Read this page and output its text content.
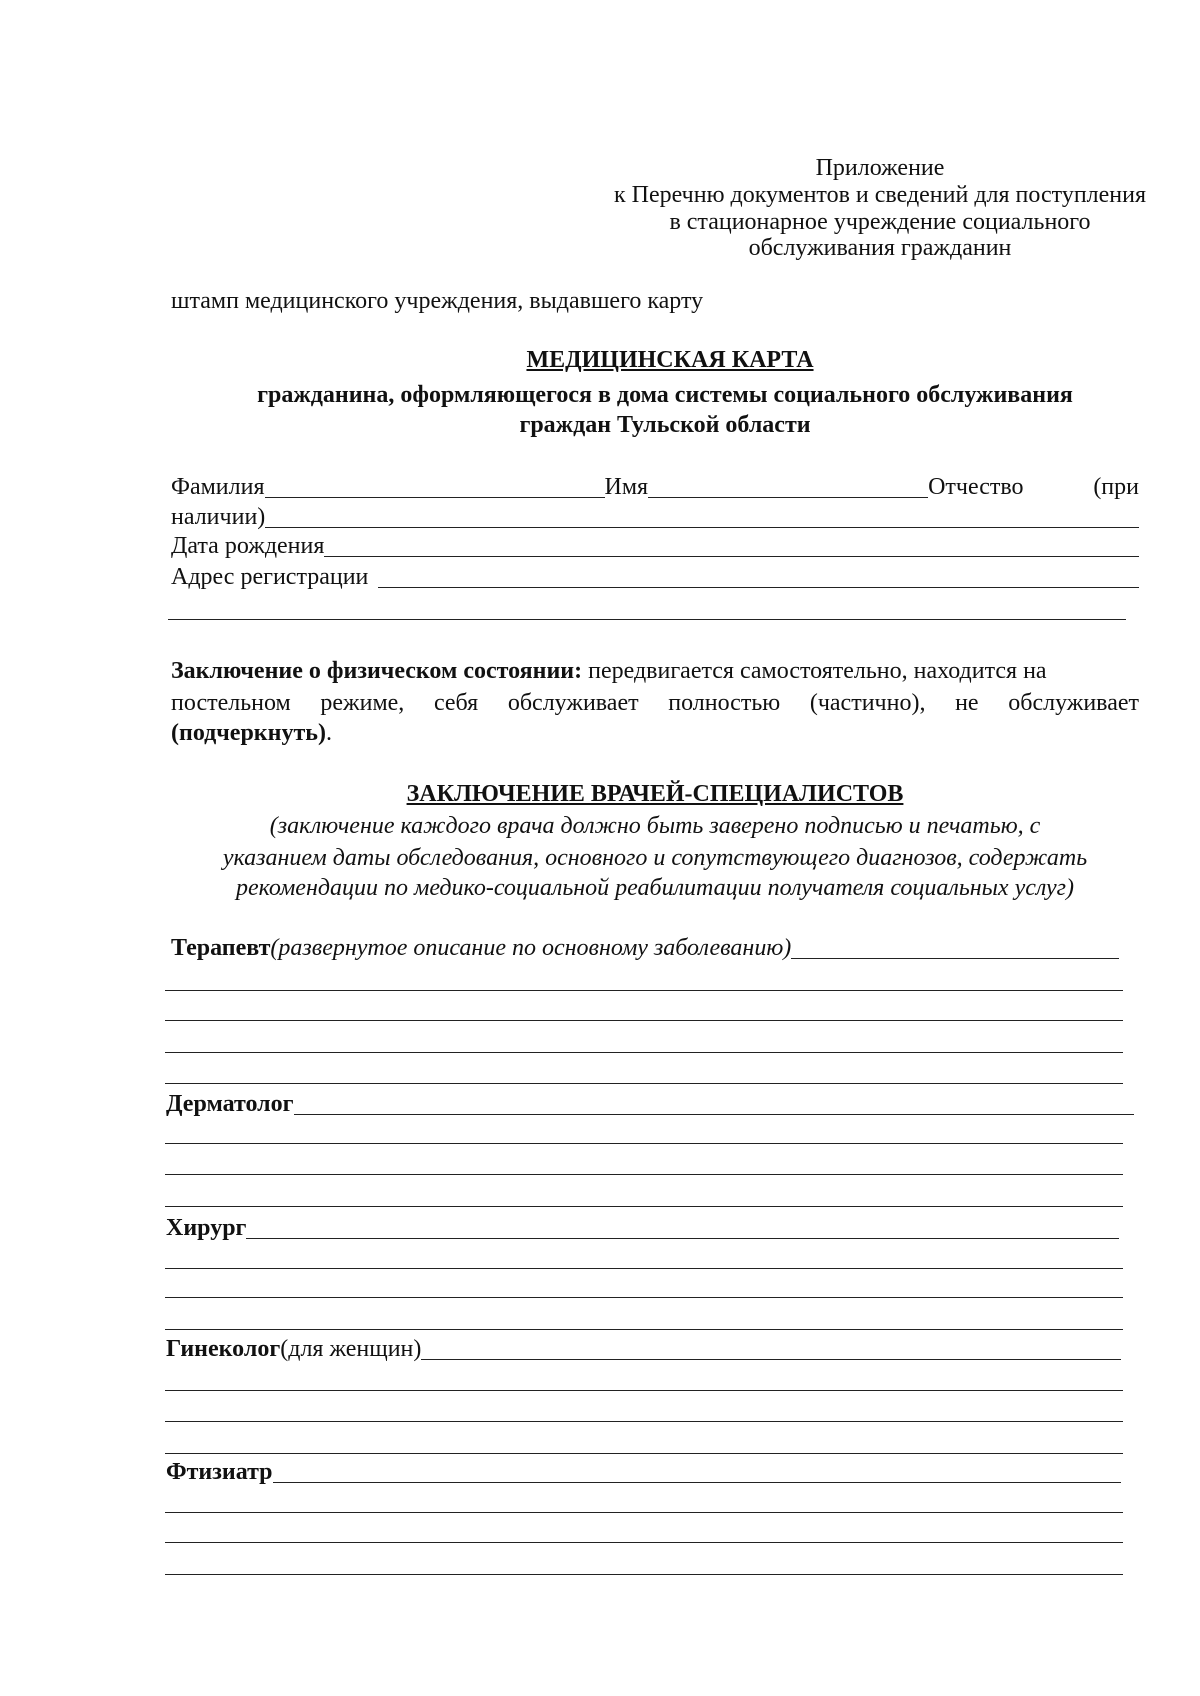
Приложение
к Перечню документов и сведений для поступления
в стационарное учреждение социального
обслуживания гражданин
штамп медицинского учреждения, выдавшего карту
МЕДИЦИНСКАЯ КАРТА
гражданина, оформляющегося в дома системы социального обслуживания
граждан Тульской области
Фамилия	Имя	Отчество	(при
наличии)
Дата рождения
Адрес регистрации
Заключение о физическом состоянии: передвигается самостоятельно, находится на
постельном режиме, себя обслуживает полностью (частично), не обслуживает
(подчеркнуть).
ЗАКЛЮЧЕНИЕ ВРАЧЕЙ-СПЕЦИАЛИСТОВ
(заключение каждого врача должно быть заверено подписью и печатью, с
указанием даты обследования, основного и сопутствующего диагнозов, содержать
рекомендации по медико-социальной реабилитации получателя социальных услуг)
Терапевт (развернутое описание по основному заболеванию)
Дерматолог
Хирург
Гинеколог (для женщин)
Фтизиатр
